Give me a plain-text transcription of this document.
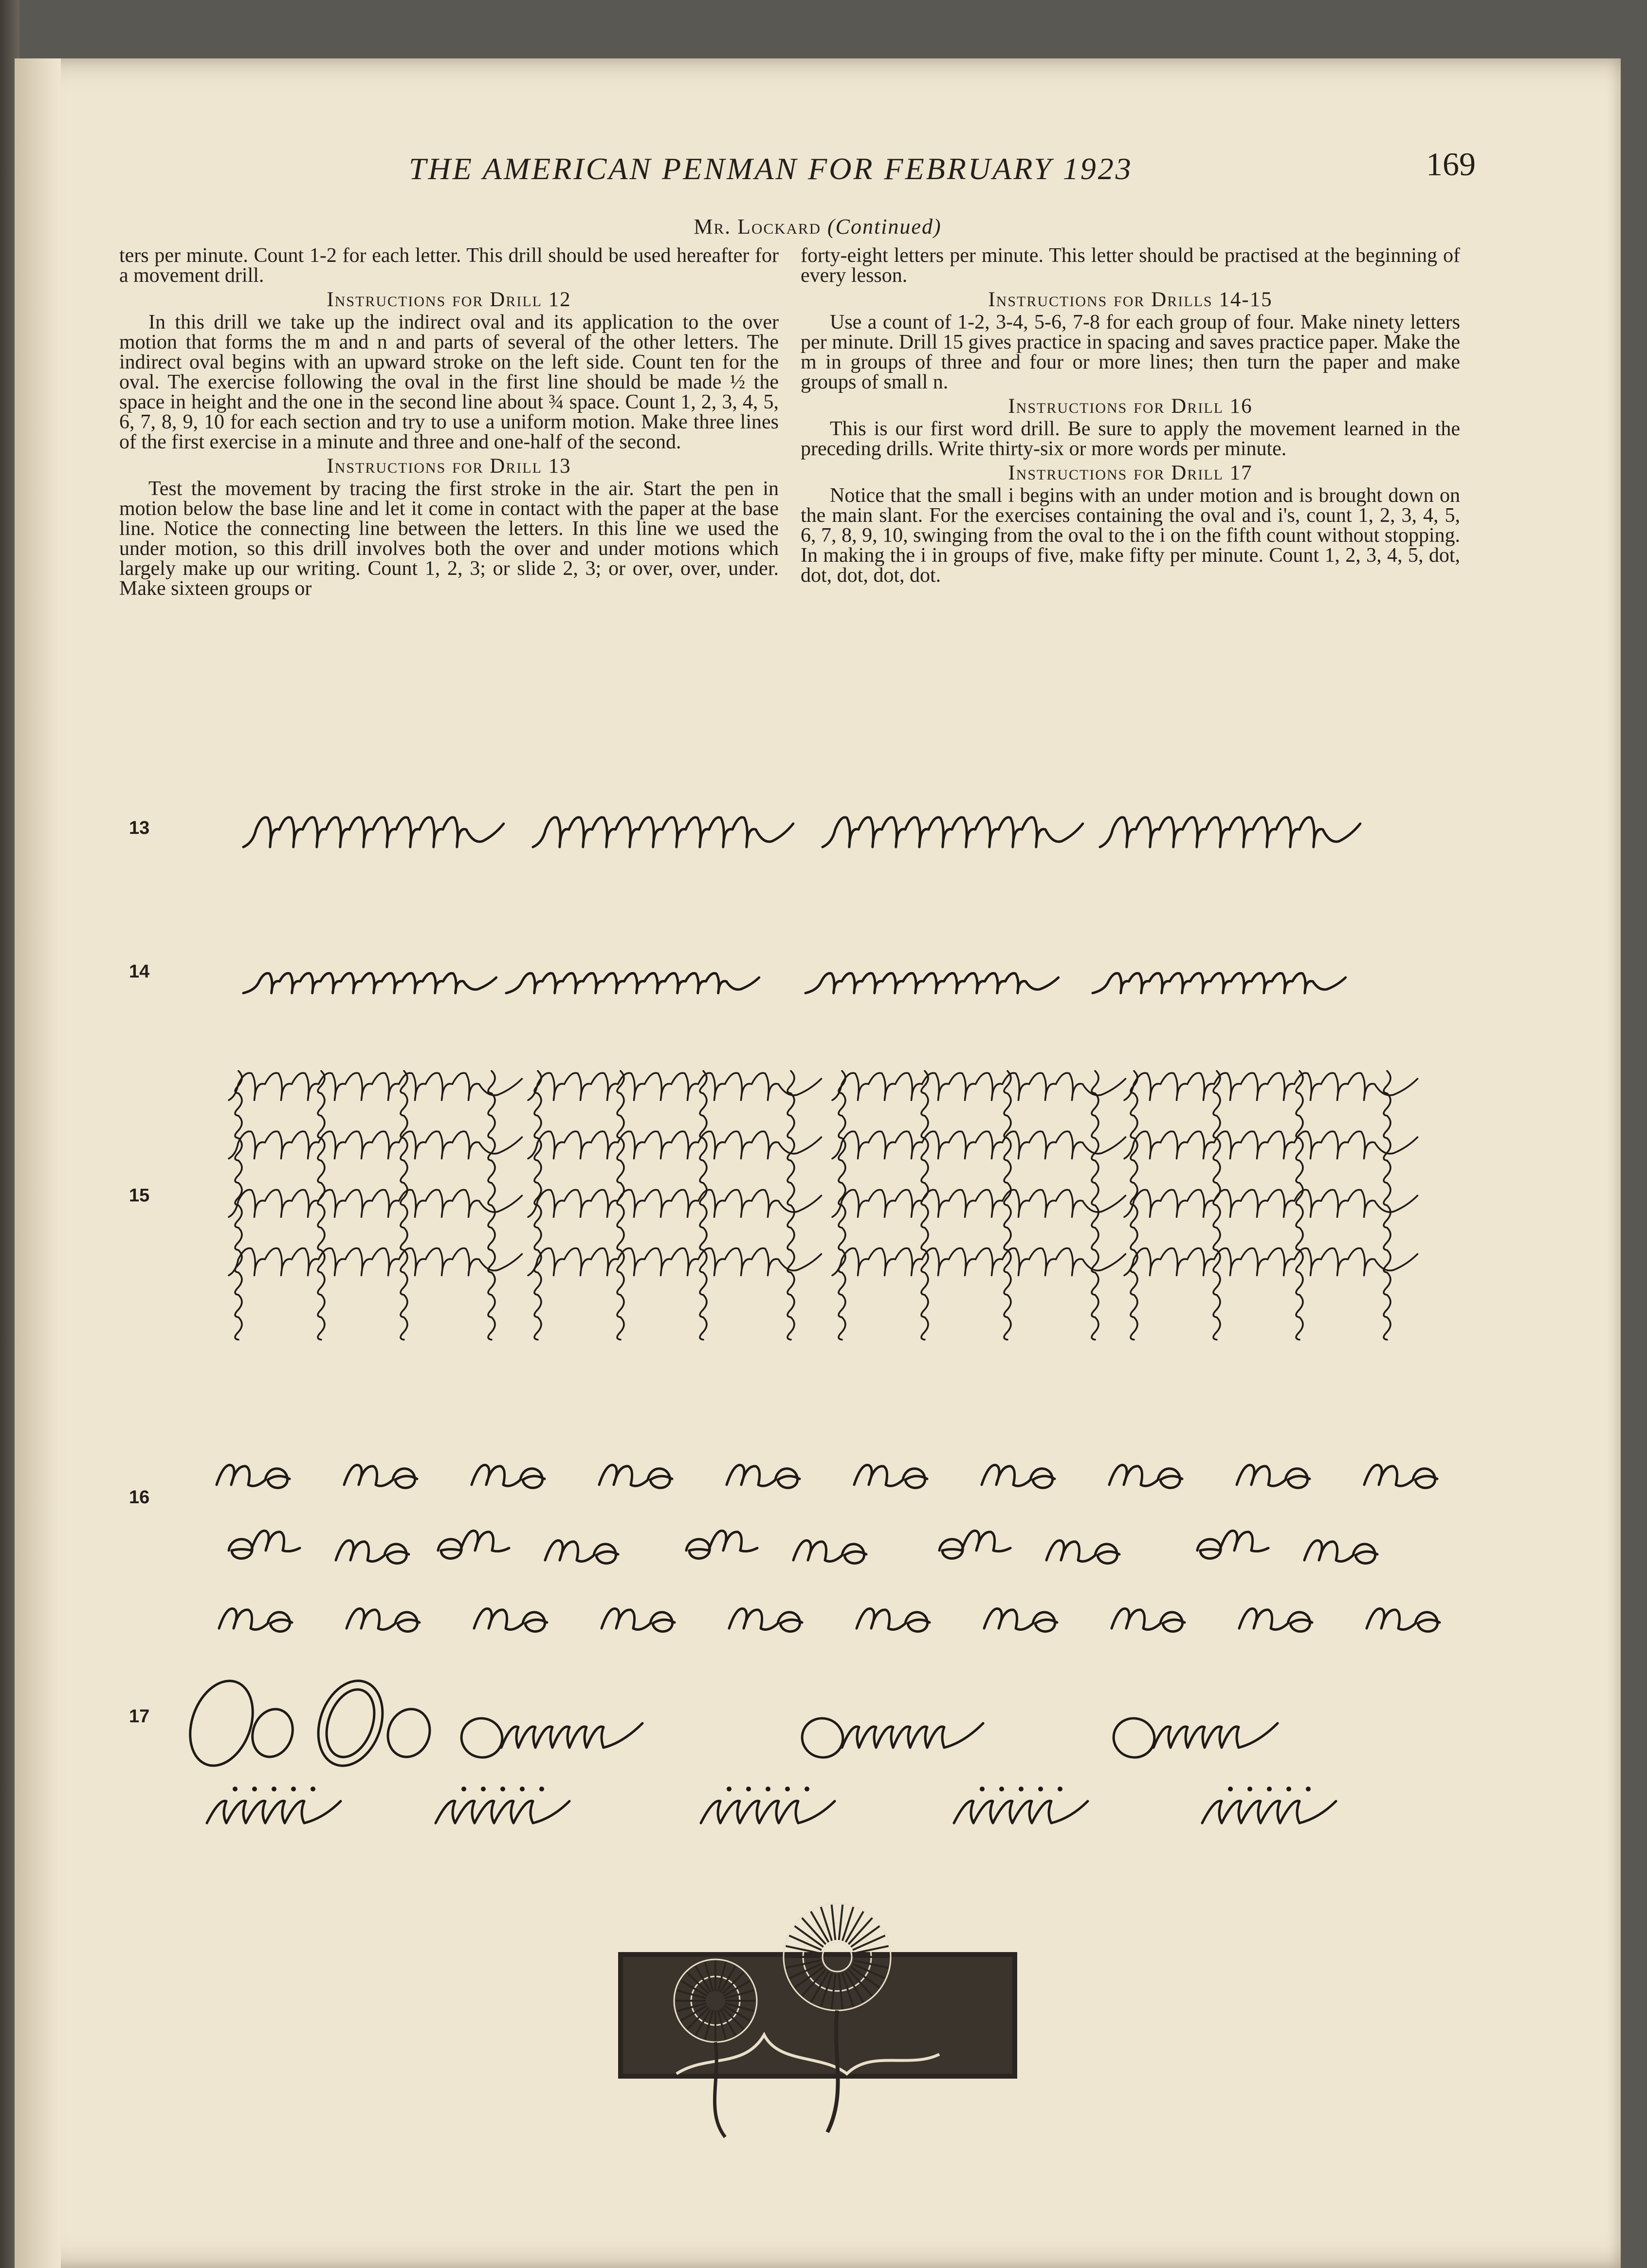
THE AMERICAN PENMAN FOR FEBRUARY 1923	169
Mr. Lockard (Continued)

ters per minute. Count 1-2 for each letter. This drill should be used hereafter for a movement drill.

Instructions for Drill 12

In this drill we take up the indirect oval and its application to the over motion that forms the m and n and parts of several of the other letters. The indirect oval begins with an upward stroke on the left side. Count ten for the oval. The exercise following the oval in the first line should be made ½ the space in height and the one in the second line about ¾ space. Count 1, 2, 3, 4, 5, 6, 7, 8, 9, 10 for each section and try to use a uniform motion. Make three lines of the first exercise in a minute and three and one-half of the second.

Instructions for Drill 13

Test the movement by tracing the first stroke in the air. Start the pen in motion below the base line and let it come in contact with the paper at the base line. Notice the connecting line between the letters. In this line we used the under motion, so this drill involves both the over and under motions which largely make up our writing. Count 1, 2, 3; or slide 2, 3; or over, over, under. Make sixteen groups or

forty-eight letters per minute. This letter should be practised at the beginning of every lesson.

Instructions for Drills 14-15

Use a count of 1-2, 3-4, 5-6, 7-8 for each group of four. Make ninety letters per minute. Drill 15 gives practice in spacing and saves practice paper. Make the m in groups of three and four or more lines; then turn the paper and make groups of small n.

Instructions for Drill 16

This is our first word drill. Be sure to apply the movement learned in the preceding drills. Write thirty-six or more words per minute.

Instructions for Drill 17

Notice that the small i begins with an under motion and is brought down on the main slant. For the exercises containing the oval and i's, count 1, 2, 3, 4, 5, 6, 7, 8, 9, 10, swinging from the oval to the i on the fifth count without stopping. In making the i in groups of five, make fifty per minute. Count 1, 2, 3, 4, 5, dot, dot, dot, dot, dot.

13
14
15
16
17
